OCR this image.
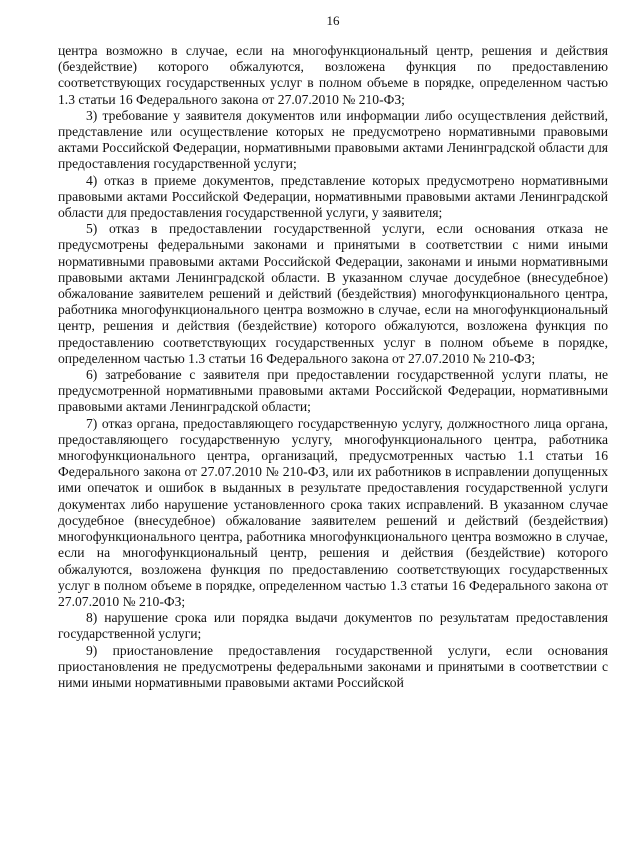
16

центра возможно в случае, если на многофункциональный центр, решения и действия (бездействие) которого обжалуются, возложена функция по предоставлению соответствующих государственных услуг в полном объеме в порядке, определенном частью 1.3 статьи 16 Федерального закона от 27.07.2010 № 210-ФЗ;

3) требование у заявителя документов или информации либо осуществления действий, представление или осуществление которых не предусмотрено нормативными правовыми актами Российской Федерации, нормативными правовыми актами Ленинградской области для предоставления государственной услуги;

4) отказ в приеме документов, представление которых предусмотрено нормативными правовыми актами Российской Федерации, нормативными правовыми актами Ленинградской области для предоставления государственной услуги, у заявителя;

5) отказ в предоставлении государственной услуги, если основания отказа не предусмотрены федеральными законами и принятыми в соответствии с ними иными нормативными правовыми актами Российской Федерации, законами и иными нормативными правовыми актами Ленинградской области. В указанном случае досудебное (внесудебное) обжалование заявителем решений и действий (бездействия) многофункционального центра, работника многофункционального центра возможно в случае, если на многофункциональный центр, решения и действия (бездействие) которого обжалуются, возложена функция по предоставлению соответствующих государственных услуг в полном объеме в порядке, определенном частью 1.3 статьи 16 Федерального закона от 27.07.2010 № 210-ФЗ;

6) затребование с заявителя при предоставлении государственной услуги платы, не предусмотренной нормативными правовыми актами Российской Федерации, нормативными правовыми актами Ленинградской области;

7) отказ органа, предоставляющего государственную услугу, должностного лица органа, предоставляющего государственную услугу, многофункционального центра, работника многофункционального центра, организаций, предусмотренных частью 1.1 статьи 16 Федерального закона от 27.07.2010 № 210-ФЗ, или их работников в исправлении допущенных ими опечаток и ошибок в выданных в результате предоставления государственной услуги документах либо нарушение установленного срока таких исправлений. В указанном случае досудебное (внесудебное) обжалование заявителем решений и действий (бездействия) многофункционального центра, работника многофункционального центра возможно в случае, если на многофункциональный центр, решения и действия (бездействие) которого обжалуются, возложена функция по предоставлению соответствующих государственных услуг в полном объеме в порядке, определенном частью 1.3 статьи 16 Федерального закона от 27.07.2010 № 210-ФЗ;

8) нарушение срока или порядка выдачи документов по результатам предоставления государственной услуги;

9) приостановление предоставления государственной услуги, если основания приостановления не предусмотрены федеральными законами и принятыми в соответствии с ними иными нормативными правовыми актами Российской
